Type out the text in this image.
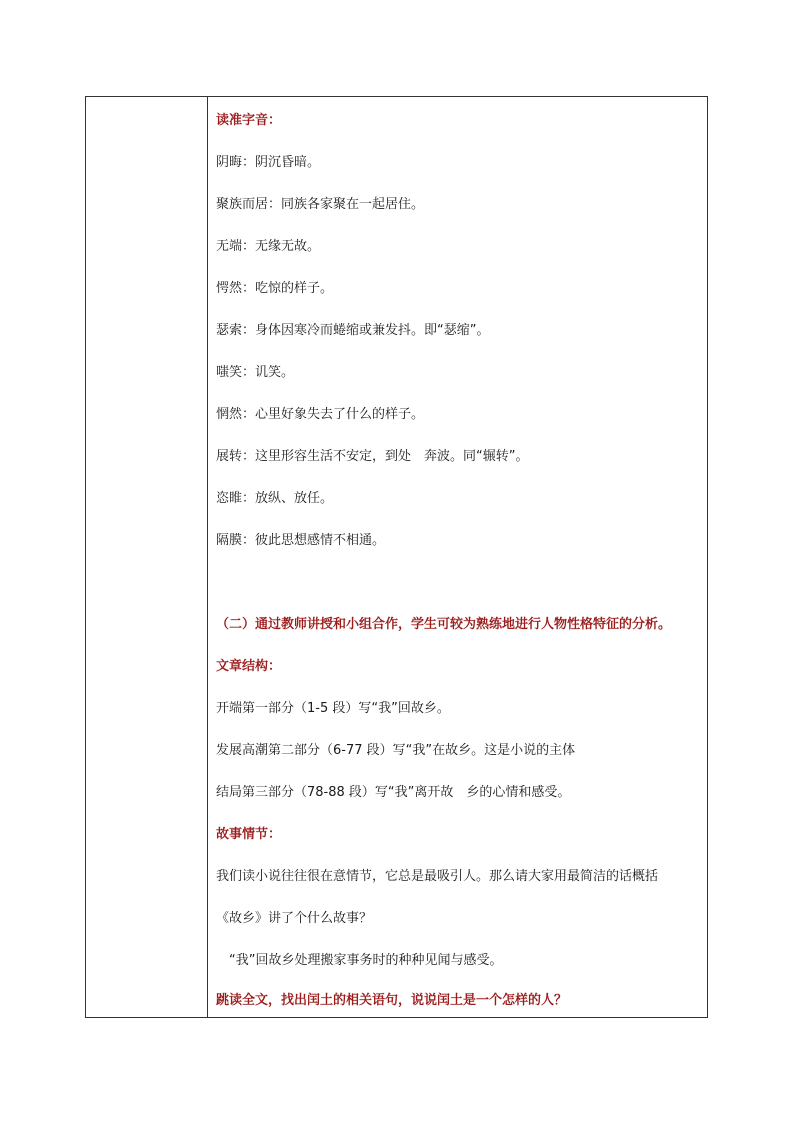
读准字音：
阴晦：阴沉昏暗。
聚族而居：同族各家聚在一起居住。
无端：无缘无故。
愕然：吃惊的样子。
瑟索：身体因寒冷而蜷缩或兼发抖。即“瑟缩”。
嗤笑：讥笑。
惘然：心里好象失去了什么的样子。
展转：这里形容生活不安定，到处　奔波。同“辗转”。
恣睢：放纵、放任。
隔膜：彼此思想感情不相通。
（二）通过教师讲授和小组合作，学生可较为熟练地进行人物性格特征的分析。
文章结构：
开端第一部分（1-5 段）写“我”回故乡。
发展高潮第二部分（6-77 段）写“我”在故乡。这是小说的主体
结局第三部分（78-88 段）写“我”离开故　乡的心情和感受。
故事情节：
我们读小说往往很在意情节，它总是最吸引人。那么请大家用最简洁的话概括
《故乡》讲了个什么故事？
　“我”回故乡处理搬家事务时的种种见闻与感受。
跳读全文，找出闰土的相关语句，说说闰土是一个怎样的人？
